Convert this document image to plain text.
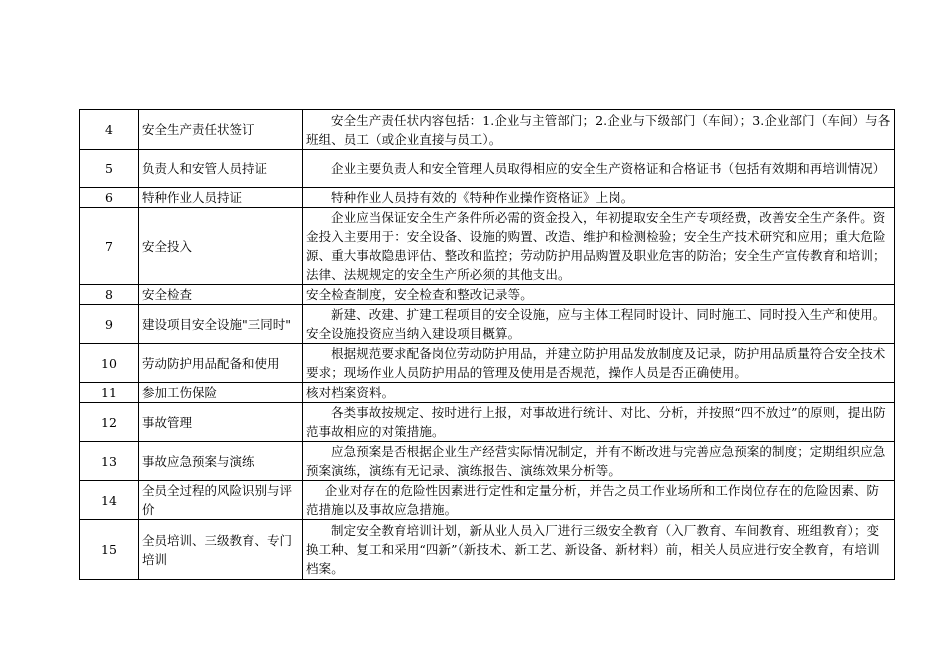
4	安全生产责任状签订	安全生产责任状内容包括：1.企业与主管部门；2.企业与下级部门（车间）；3.企业部门（车间）与各班组、员工（或企业直接与员工）。
5	负责人和安管人员持证	企业主要负责人和安全管理人员取得相应的安全生产资格证和合格证书（包括有效期和再培训情况）
6	特种作业人员持证	特种作业人员持有效的《特种作业操作资格证》上岗。
7	安全投入	企业应当保证安全生产条件所必需的资金投入，年初提取安全生产专项经费，改善安全生产条件。资金投入主要用于：安全设备、设施的购置、改造、维护和检测检验；安全生产技术研究和应用；重大危险源、重大事故隐患评估、整改和监控；劳动防护用品购置及职业危害的防治；安全生产宣传教育和培训；法律、法规规定的安全生产所必须的其他支出。
8	安全检查	安全检查制度，安全检查和整改记录等。
9	建设项目安全设施"三同时"	新建、改建、扩建工程项目的安全设施，应与主体工程同时设计、同时施工、同时投入生产和使用。安全设施投资应当纳入建设项目概算。
10	劳动防护用品配备和使用	根据规范要求配备岗位劳动防护用品，并建立防护用品发放制度及记录，防护用品质量符合安全技术要求；现场作业人员防护用品的管理及使用是否规范，操作人员是否正确使用。
11	参加工伤保险	核对档案资料。
12	事故管理	各类事故按规定、按时进行上报，对事故进行统计、对比、分析，并按照“四不放过”的原则，提出防范事故相应的对策措施。
13	事故应急预案与演练	应急预案是否根据企业生产经营实际情况制定，并有不断改进与完善应急预案的制度；定期组织应急预案演练，演练有无记录、演练报告、演练效果分析等。
14	全员全过程的风险识别与评价	企业对存在的危险性因素进行定性和定量分析，并告之员工作业场所和工作岗位存在的危险因素、防范措施以及事故应急措施。
15	全员培训、三级教育、专门培训	制定安全教育培训计划，新从业人员入厂进行三级安全教育（入厂教育、车间教育、班组教育）；变换工种、复工和采用“四新”（新技术、新工艺、新设备、新材料）前，相关人员应进行安全教育，有培训档案。
